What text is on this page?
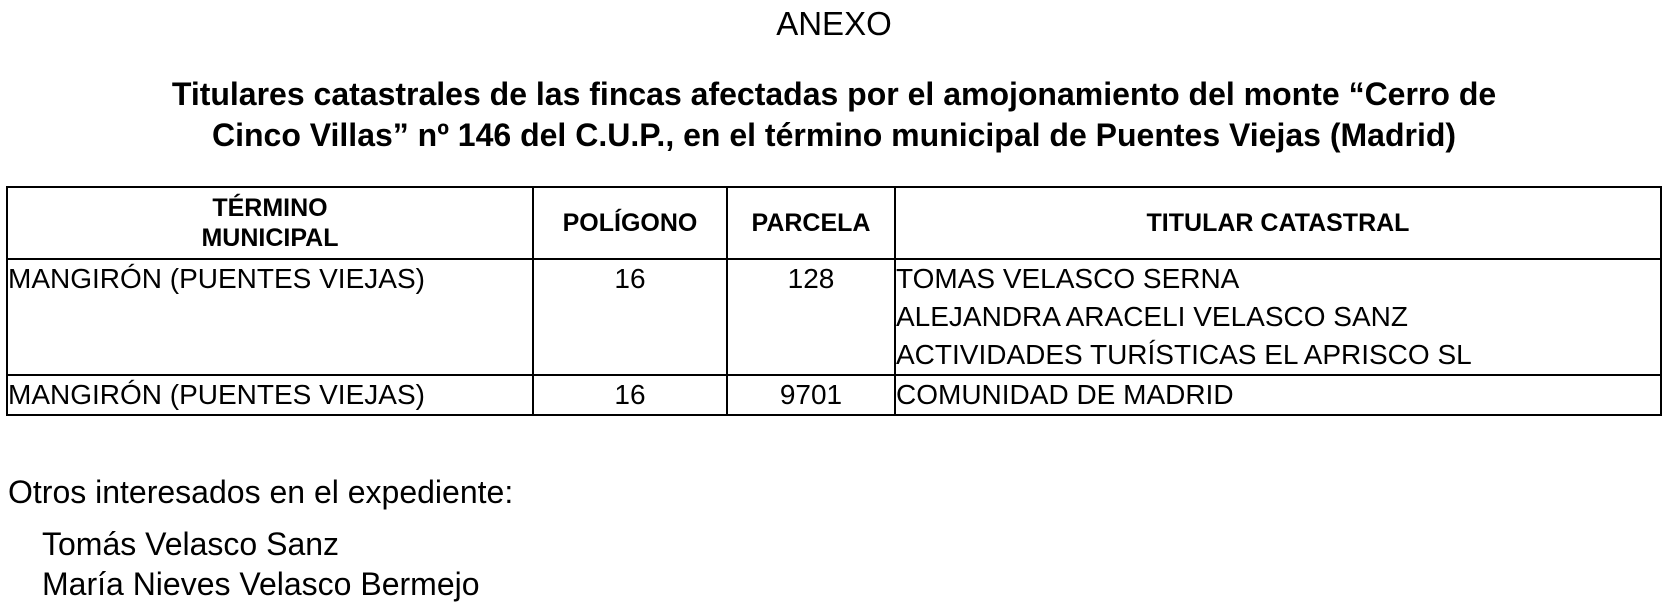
ANEXO
Titulares catastrales de las fincas afectadas por el amojonamiento del monte “Cerro de
Cinco Villas” nº 146 del C.U.P., en el término municipal de Puentes Viejas (Madrid)
TÉRMINO
MUNICIPAL	POLÍGONO	PARCELA	TITULAR CATASTRAL
MANGIRÓN (PUENTES VIEJAS)	16	128	TOMAS VELASCO SERNA
ALEJANDRA ARACELI VELASCO SANZ
ACTIVIDADES TURÍSTICAS EL APRISCO SL

MANGIRÓN (PUENTES VIEJAS)	16	9701	COMUNIDAD DE MADRID
Otros interesados en el expediente:
Tomás Velasco Sanz
María Nieves Velasco Bermejo
